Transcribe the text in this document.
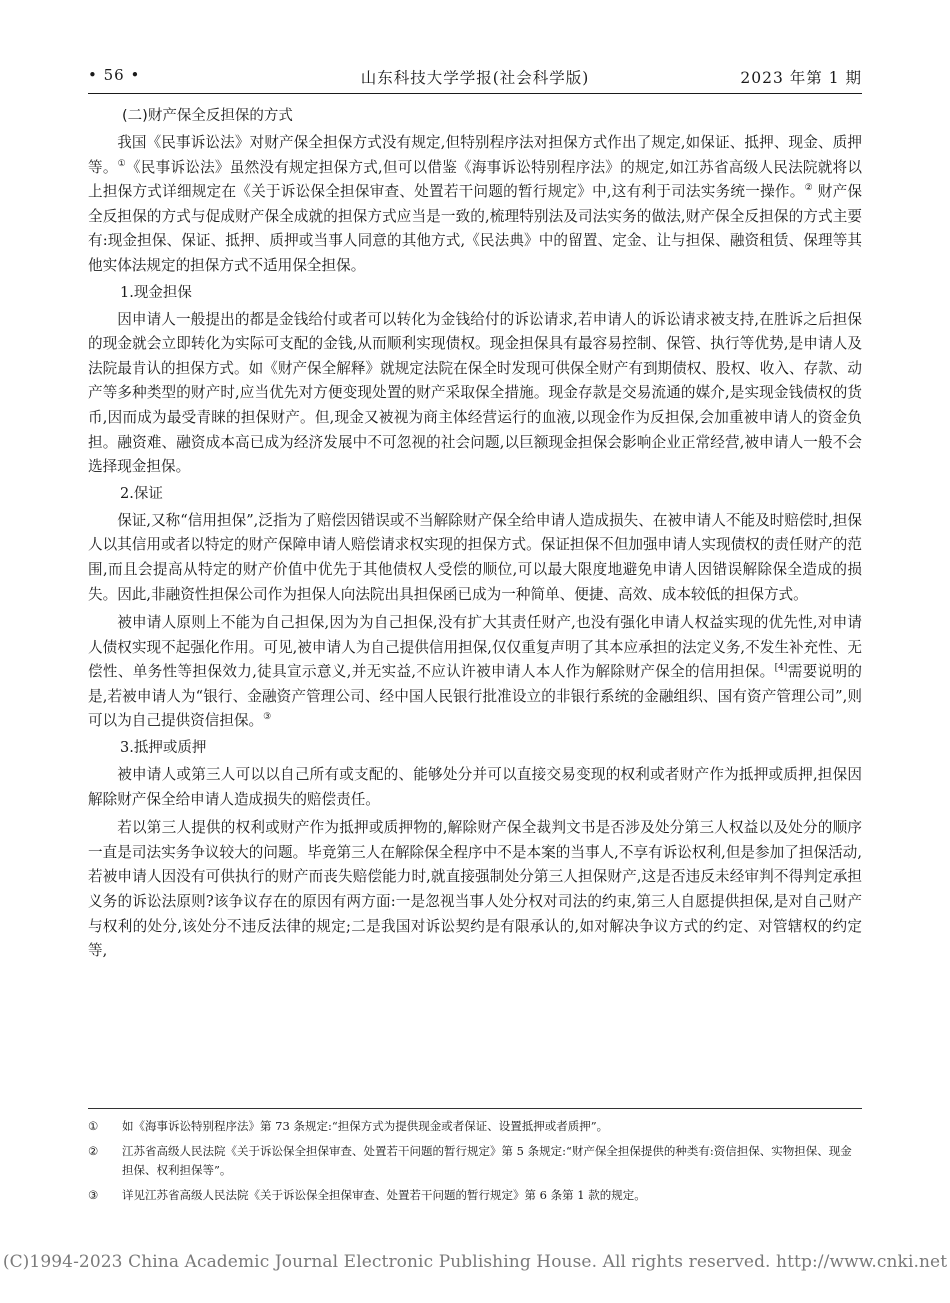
• 56 •	山东科技大学学报(社会科学版)	2023 年第 1 期
(二)财产保全反担保的方式

我国《民事诉讼法》对财产保全担保方式没有规定,但特别程序法对担保方式作出了规定,如保证、抵押、现金、质押等。①《民事诉讼法》虽然没有规定担保方式,但可以借鉴《海事诉讼特别程序法》的规定,如江苏省高级人民法院就将以上担保方式详细规定在《关于诉讼保全担保审查、处置若干问题的暂行规定》中,这有利于司法实务统一操作。② 财产保全反担保的方式与促成财产保全成就的担保方式应当是一致的,梳理特别法及司法实务的做法,财产保全反担保的方式主要有:现金担保、保证、抵押、质押或当事人同意的其他方式,《民法典》中的留置、定金、让与担保、融资租赁、保理等其他实体法规定的担保方式不适用保全担保。

1.现金担保

因申请人一般提出的都是金钱给付或者可以转化为金钱给付的诉讼请求,若申请人的诉讼请求被支持,在胜诉之后担保的现金就会立即转化为实际可支配的金钱,从而顺利实现债权。现金担保具有最容易控制、保管、执行等优势,是申请人及法院最肯认的担保方式。如《财产保全解释》就规定法院在保全时发现可供保全财产有到期债权、股权、收入、存款、动产等多种类型的财产时,应当优先对方便变现处置的财产采取保全措施。现金存款是交易流通的媒介,是实现金钱债权的货币,因而成为最受青睐的担保财产。但,现金又被视为商主体经营运行的血液,以现金作为反担保,会加重被申请人的资金负担。融资难、融资成本高已成为经济发展中不可忽视的社会问题,以巨额现金担保会影响企业正常经营,被申请人一般不会选择现金担保。

2.保证

保证,又称“信用担保”,泛指为了赔偿因错误或不当解除财产保全给申请人造成损失、在被申请人不能及时赔偿时,担保人以其信用或者以特定的财产保障申请人赔偿请求权实现的担保方式。保证担保不但加强申请人实现债权的责任财产的范围,而且会提高从特定的财产价值中优先于其他债权人受偿的顺位,可以最大限度地避免申请人因错误解除保全造成的损失。因此,非融资性担保公司作为担保人向法院出具担保函已成为一种简单、便捷、高效、成本较低的担保方式。

被申请人原则上不能为自己担保,因为为自己担保,没有扩大其责任财产,也没有强化申请人权益实现的优先性,对申请人债权实现不起强化作用。可见,被申请人为自己提供信用担保,仅仅重复声明了其本应承担的法定义务,不发生补充性、无偿性、单务性等担保效力,徒具宣示意义,并无实益,不应认许被申请人本人作为解除财产保全的信用担保。[4]需要说明的是,若被申请人为“银行、金融资产管理公司、经中国人民银行批准设立的非银行系统的金融组织、国有资产管理公司”,则可以为自己提供资信担保。③

3.抵押或质押

被申请人或第三人可以以自己所有或支配的、能够处分并可以直接交易变现的权利或者财产作为抵押或质押,担保因解除财产保全给申请人造成损失的赔偿责任。

若以第三人提供的权利或财产作为抵押或质押物的,解除财产保全裁判文书是否涉及处分第三人权益以及处分的顺序一直是司法实务争议较大的问题。毕竟第三人在解除保全程序中不是本案的当事人,不享有诉讼权利,但是参加了担保活动,若被申请人因没有可供执行的财产而丧失赔偿能力时,就直接强制处分第三人担保财产,这是否违反未经审判不得判定承担义务的诉讼法原则?该争议存在的原因有两方面:一是忽视当事人处分权对司法的约束,第三人自愿提供担保,是对自己财产与权利的处分,该处分不违反法律的规定;二是我国对诉讼契约是有限承认的,如对解决争议方式的约定、对管辖权的约定等,

① 如《海事诉讼特别程序法》第 73 条规定:“担保方式为提供现金或者保证、设置抵押或者质押”。
② 江苏省高级人民法院《关于诉讼保全担保审查、处置若干问题的暂行规定》第 5 条规定:“财产保全担保提供的种类有:资信担保、实物担保、现金担保、权利担保等”。
③ 详见江苏省高级人民法院《关于诉讼保全担保审查、处置若干问题的暂行规定》第 6 条第 1 款的规定。
(C)1994-2023 China Academic Journal Electronic Publishing House. All rights reserved. http://www.cnki.net
